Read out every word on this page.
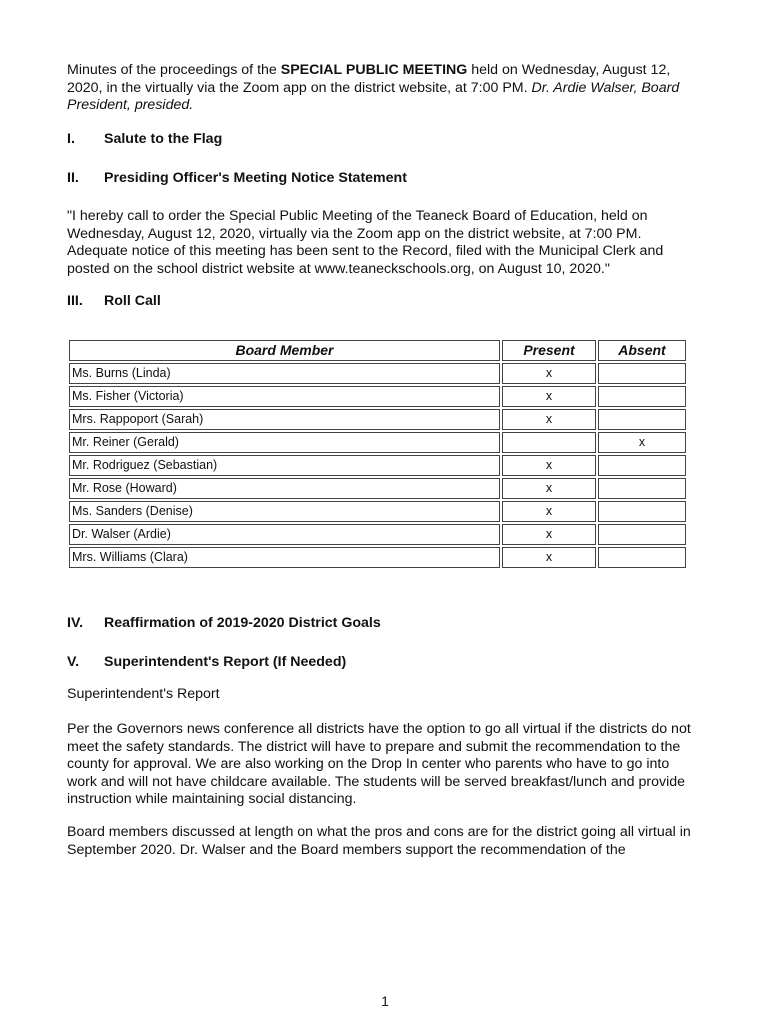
Minutes of the proceedings of the SPECIAL PUBLIC MEETING held on Wednesday, August 12, 2020, in the virtually via the Zoom app on the district website, at 7:00 PM. Dr. Ardie Walser, Board President, presided.

I. Salute to the Flag
II. Presiding Officer's Meeting Notice Statement

"I hereby call to order the Special Public Meeting of the Teaneck Board of Education, held on Wednesday, August 12, 2020, virtually via the Zoom app on the district website, at 7:00 PM. Adequate notice of this meeting has been sent to the Record, filed with the Municipal Clerk and posted on the school district website at www.teaneckschools.org, on August 10, 2020."

III. Roll Call
Board Member	Present	Absent
Ms. Burns (Linda)	x	
Ms. Fisher (Victoria)	x	
Mrs. Rappoport (Sarah)	x	
Mr. Reiner (Gerald)		x
Mr. Rodriguez (Sebastian)	x	
Mr. Rose (Howard)	x	
Ms. Sanders (Denise)	x	
Dr. Walser (Ardie)	x	
Mrs. Williams (Clara)	x	
IV. Reaffirmation of 2019-2020 District Goals
V. Superintendent's Report (If Needed)

Superintendent's Report

Per the Governors news conference all districts have the option to go all virtual if the districts do not meet the safety standards. The district will have to prepare and submit the recommendation to the county for approval. We are also working on the Drop In center who parents who have to go into work and will not have childcare available. The students will be served breakfast/lunch and provide instruction while maintaining social distancing.

Board members discussed at length on what the pros and cons are for the district going all virtual in September 2020. Dr. Walser and the Board members support the recommendation of the

1
